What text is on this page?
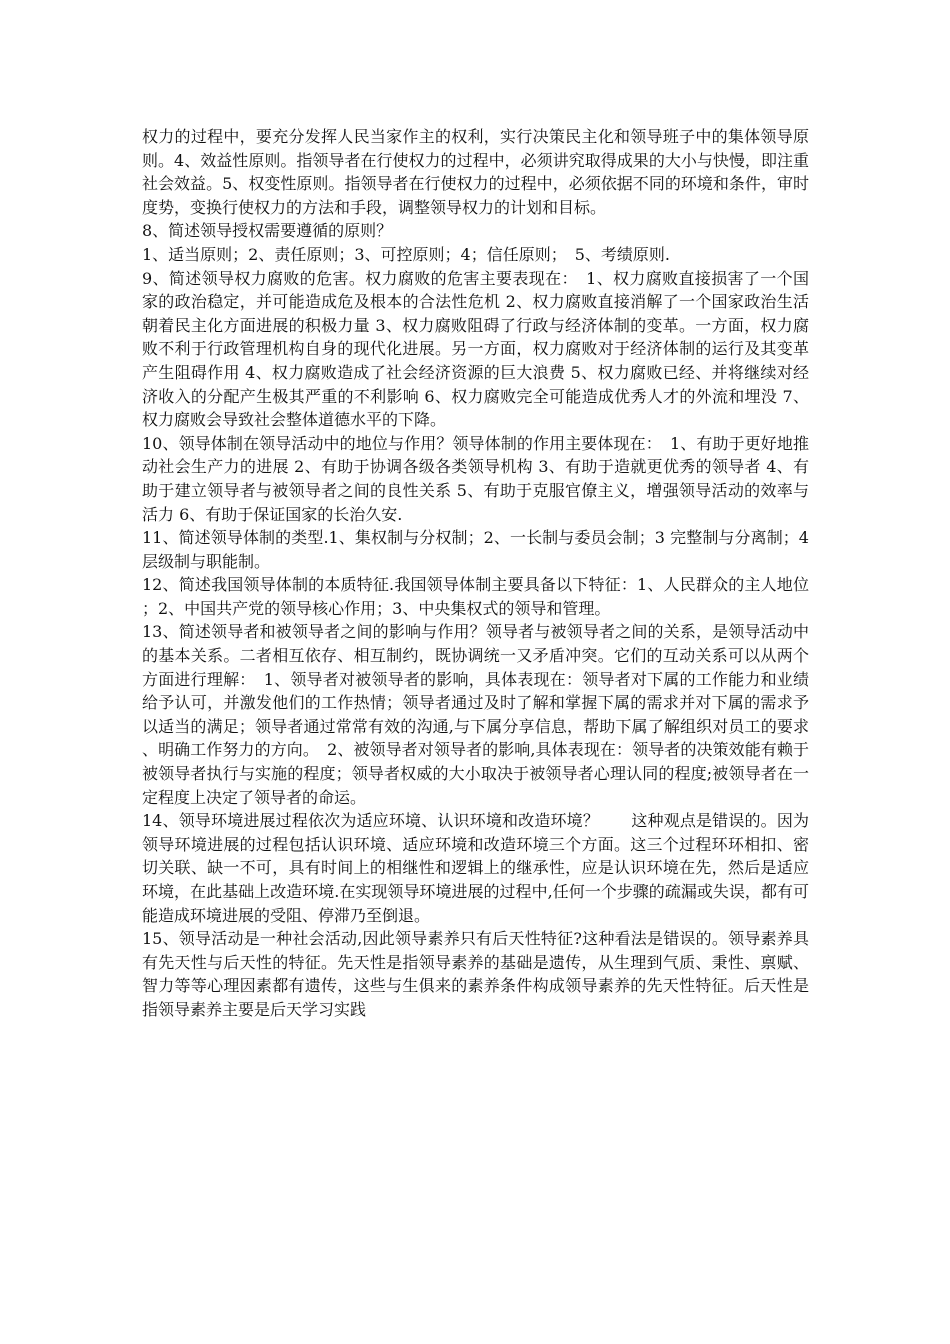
权力的过程中，要充分发挥人民当家作主的权利，实行决策民主化和领导班子中的集体领导原则。4、效益性原则。指领导者在行使权力的过程中，必须讲究取得成果的大小与快慢，即注重社会效益。5、权变性原则。指领导者在行使权力的过程中，必须依据不同的环境和条件，审时度势，变换行使权力的方法和手段，调整领导权力的计划和目标。

8、简述领导授权需要遵循的原则？

1、适当原则；2、责任原则；3、可控原则；4；信任原则；　5、考绩原则.

9、简述领导权力腐败的危害。权力腐败的危害主要表现在：　1、权力腐败直接损害了一个国家的政治稳定，并可能造成危及根本的合法性危机 2、权力腐败直接消解了一个国家政治生活朝着民主化方面进展的积极力量 3、权力腐败阻碍了行政与经济体制的变革。一方面，权力腐败不利于行政管理机构自身的现代化进展。另一方面，权力腐败对于经济体制的运行及其变革产生阻碍作用 4、权力腐败造成了社会经济资源的巨大浪费 5、权力腐败已经、并将继续对经济收入的分配产生极其严重的不利影响 6、权力腐败完全可能造成优秀人才的外流和埋没 7、权力腐败会导致社会整体道德水平的下降。

10、领导体制在领导活动中的地位与作用？领导体制的作用主要体现在：　1、有助于更好地推动社会生产力的进展 2、有助于协调各级各类领导机构 3、有助于造就更优秀的领导者 4、有助于建立领导者与被领导者之间的良性关系 5、有助于克服官僚主义，增强领导活动的效率与活力 6、有助于保证国家的长治久安.

11、简述领导体制的类型.1、集权制与分权制；2、一长制与委员会制；3 完整制与分离制；4 层级制与职能制。

12、简述我国领导体制的本质特征.我国领导体制主要具备以下特征：1、人民群众的主人地位；2、中国共产党的领导核心作用；3、中央集权式的领导和管理。

13、简述领导者和被领导者之间的影响与作用？领导者与被领导者之间的关系，是领导活动中的基本关系。二者相互依存、相互制约，既协调统一又矛盾冲突。它们的互动关系可以从两个方面进行理解：　1、领导者对被领导者的影响，具体表现在：领导者对下属的工作能力和业绩给予认可，并激发他们的工作热情；领导者通过及时了解和掌握下属的需求并对下属的需求予以适当的满足；领导者通过常常有效的沟通,与下属分享信息，帮助下属了解组织对员工的要求、明确工作努力的方向。　2、被领导者对领导者的影响,具体表现在：领导者的决策效能有赖于被领导者执行与实施的程度；领导者权威的大小取决于被领导者心理认同的程度;被领导者在一定程度上决定了领导者的命运。

14、领导环境进展过程依次为适应环境、认识环境和改造环境？　　这种观点是错误的。因为领导环境进展的过程包括认识环境、适应环境和改造环境三个方面。这三个过程环环相扣、密切关联、缺一不可，具有时间上的相继性和逻辑上的继承性，应是认识环境在先，然后是适应环境，在此基础上改造环境.在实现领导环境进展的过程中,任何一个步骤的疏漏或失误，都有可能造成环境进展的受阻、停滞乃至倒退。

15、领导活动是一种社会活动,因此领导素养只有后天性特征?这种看法是错误的。领导素养具有先天性与后天性的特征。先天性是指领导素养的基础是遗传，从生理到气质、秉性、禀赋、智力等等心理因素都有遗传，这些与生俱来的素养条件构成领导素养的先天性特征。后天性是指领导素养主要是后天学习实践
